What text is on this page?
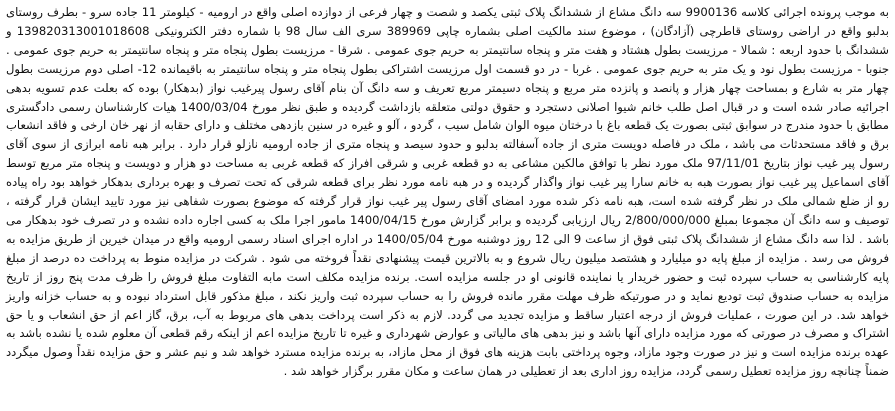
به موجب پرونده اجرائی کلاسه 9900136 سه دانگ مشاع از ششدانگ پلاک ثبتی یکصد و شصت و چهار فرعی از دوازده اصلی واقع در ارومیه - کیلومتر 11 جاده سرو - بطرف روستای بدلبو واقع در اراضی روستای قاطرچی (آزادگان) ، موضوع سند مالکیت اصلی بشماره چاپی 389969 سری الف سال 98 با شماره دفتر الکترونیکی 139820313001018608 و ششدانگ با حدود اربعه : شمالا - مرزیست بطول هشتاد و هفت متر و پنجاه سانتیمتر به حریم جوی عمومی . شرقا - مرزیست بطول پنجاه متر و پنجاه سانتیمتر به حریم جوی عمومی . جنوبا - مرزیست بطول نود و یک متر به حریم جوی عمومی . غربا - در دو قسمت اول مرزیست اشتراکی بطول پنجاه متر و پنجاه سانتیمتر به باقیمانده 12- اصلی دوم مرزیست بطول چهار متر به شارع و بمساحت چهار هزار و پانصد و پانزده متر مربع و پنجاه دسیمتر مربع تعریف و سه دانگ آن بنام آقای رسول پیرغیب نواز (بدهکار) بوده که بعلت عدم تسویه بدهی اجرائیه صادر شده است و در قبال اصل طلب خانم شیوا اصلانی دستجرد و حقوق دولتی متعلقه بازداشت گردیده و طبق نظر مورخ 1400/03/04 هیات کارشناسان رسمی دادگستری مطابق با حدود مندرج در سوابق ثبتی بصورت یک قطعه باغ با درختان میوه الوان شامل سیب ، گردو ، آلو و غیره در سنین بازدهی مختلف و دارای حقابه از نهر خان ارخی و فاقد انشعاب برق و فاقد مستحدثات می باشد ، ملک در فاصله دویست متری از جاده آسفالته بدلبو و حدود سیصد و پنجاه متری از جاده ارومیه نازلو قرار دارد . برابر هبه نامه ابرازی از سوی آقای رسول پیر غیب نواز بتاریخ 97/11/01 ملک مورد نظر با توافق مالکین مشاعی به دو قطعه غربی و شرقی افراز که قطعه غربی به مساحت دو هزار و دویست و پنجاه متر مربع توسط آقای اسماعیل پیر غیب نواز بصورت هبه به خانم سارا پیر غیب نواز واگذار گردیده و در هبه نامه مورد نظر برای قطعه شرقی که تحت تصرف و بهره برداری بدهکار خواهد بود راه پیاده رو از ضلع شمالی ملک در نظر گرفته شده است، هبه نامه ذکر شده مورد امضای آقای رسول پیر غیب نواز قرار گرفته که موضوع بصورت شفاهی نیز مورد تایید ایشان قرار گرفته ، توصیف و سه دانگ آن مجموعا بمبلغ 2/800/000/000 ریال ارزیابی گردیده و برابر گزارش مورخ 1400/04/15 مامور اجرا ملک به کسی اجاره داده نشده و در تصرف خود بدهکار می باشد . لذا سه دانگ مشاع از ششدانگ پلاک ثبتی فوق از ساعت 9 الی 12 روز دوشنبه مورخ 1400/05/04 در اداره اجرای اسناد رسمی ارومیه واقع در میدان خیرین از طریق مزایده به فروش می رسد . مزایده از مبلغ پایه دو میلیارد و هشتصد میلیون ریال شروع و به بالاترین قیمت پیشنهادی نقداً فروخته می شود . شرکت در مزایده منوط به پرداخت ده درصد از مبلغ پایه کارشناسی به حساب سپرده ثبت و حضور خریدار یا نماینده قانونی او در جلسه مزایده است. برنده مزایده مکلف است مابه التفاوت مبلغ فروش را ظرف مدت پنج روز از تاریخ مزایده به حساب صندوق ثبت تودیع نماید و در صورتیکه ظرف مهلت مقرر مانده فروش را به حساب سپرده ثبت واریز نکند ، مبلغ مذکور قابل استرداد نبوده و به حساب خزانه واریز خواهد شد. در این صورت ، عملیات فروش از درجه اعتبار ساقط و مزایده تجدید می گردد. لازم به ذکر است پرداخت بدهی های مربوط به آب، برق، گاز اعم از حق انشعاب و یا حق اشتراک و مصرف در صورتی که مورد مزایده دارای آنها باشد و نیز بدهی های مالیاتی و عوارض شهرداری و غیره تا تاریخ مزایده اعم از اینکه رقم قطعی آن معلوم شده یا نشده باشد به عهده برنده مزایده است و نیز در صورت وجود مازاد، وجوه پرداختی بابت هزینه های فوق از محل مازاد، به برنده مزایده مسترد خواهد شد و نیم عشر و حق مزایده نقداً وصول میگردد ضمناً چنانچه روز مزایده تعطیل رسمی گردد، مزایده روز اداری بعد از تعطیلی در همان ساعت و مکان مقرر برگزار خواهد شد .
